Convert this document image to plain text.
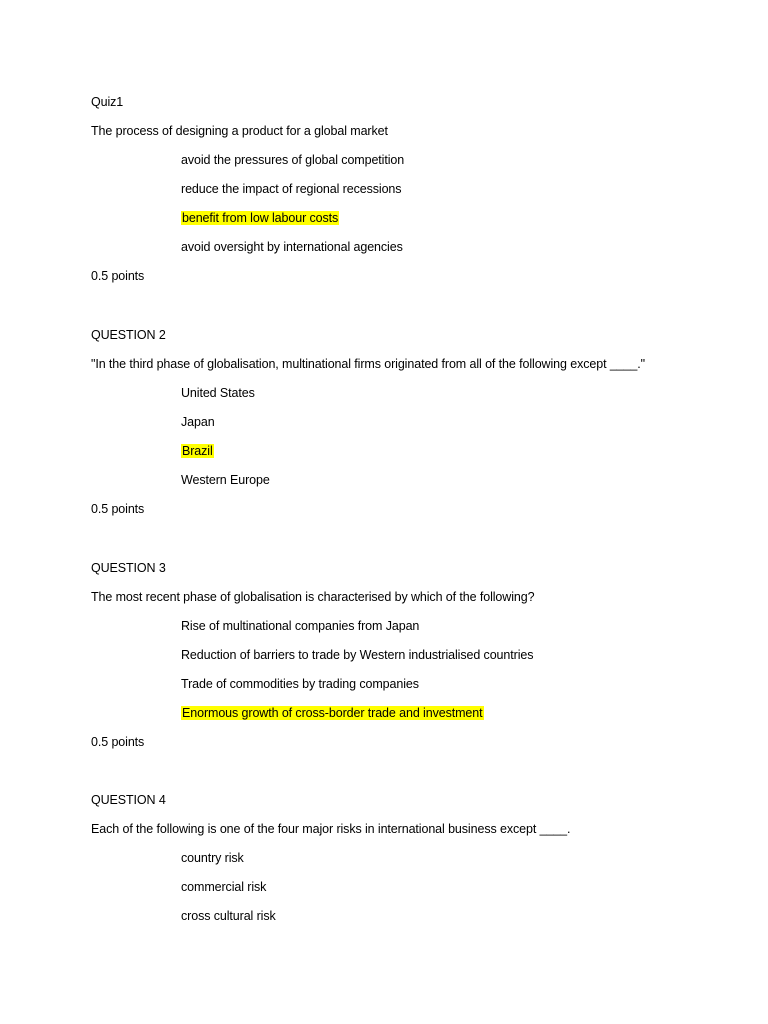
Quiz1
The process of designing a product for a global market
avoid the pressures of global competition
reduce the impact of regional recessions
benefit from low labour costs
avoid oversight by international agencies
0.5 points
QUESTION 2
"In the third phase of globalisation, multinational firms originated from all of the following except ____."
United States
Japan
Brazil
Western Europe
0.5 points
QUESTION 3
The most recent phase of globalisation is characterised by which of the following?
Rise of multinational companies from Japan
Reduction of barriers to trade by Western industrialised countries
Trade of commodities by trading companies
Enormous growth of cross-border trade and investment
0.5 points
QUESTION 4
Each of the following is one of the four major risks in international business except ____.
country risk
commercial risk
cross cultural risk
